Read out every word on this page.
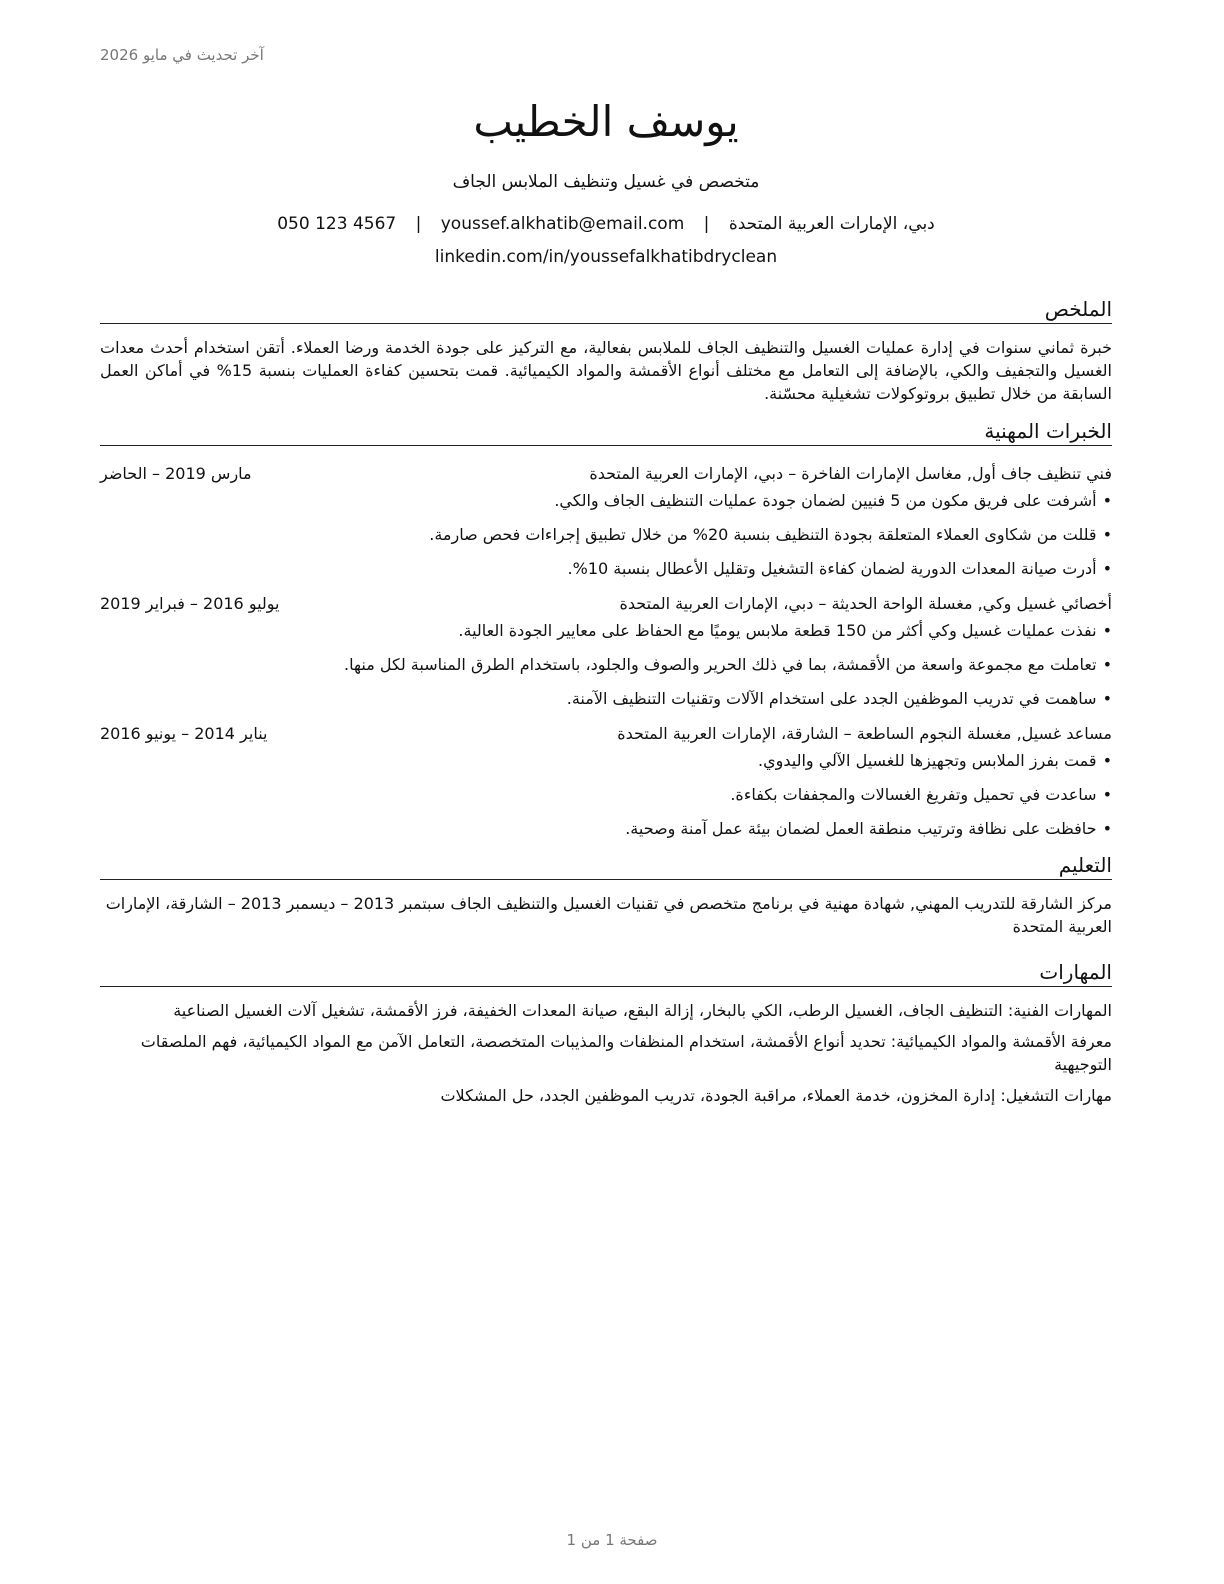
آخر تحديث في مايو 2026
يوسف الخطيب
متخصص في غسيل وتنظيف الملابس الجاف
دبي، الإمارات العربية المتحدة | youssef.alkhatib@email.com | 050 123 4567
linkedin.com/in/youssefalkhatibdryclean
الملخص
خبرة ثماني سنوات في إدارة عمليات الغسيل والتنظيف الجاف للملابس بفعالية، مع التركيز على جودة الخدمة ورضا العملاء. أتقن استخدام أحدث معدات الغسيل والتجفيف والكي، بالإضافة إلى التعامل مع مختلف أنواع الأقمشة والمواد الكيميائية. قمت بتحسين كفاءة العمليات بنسبة 15% في أماكن العمل السابقة من خلال تطبيق بروتوكولات تشغيلية محسّنة.
الخبرات المهنية
فني تنظيف جاف أول, مغاسل الإمارات الفاخرة – دبي، الإمارات العربية المتحدة
مارس 2019 – الحاضر
• أشرفت على فريق مكون من 5 فنيين لضمان جودة عمليات التنظيف الجاف والكي.
• قللت من شكاوى العملاء المتعلقة بجودة التنظيف بنسبة 20% من خلال تطبيق إجراءات فحص صارمة.
• أدرت صيانة المعدات الدورية لضمان كفاءة التشغيل وتقليل الأعطال بنسبة 10%.
أخصائي غسيل وكي, مغسلة الواحة الحديثة – دبي، الإمارات العربية المتحدة
يوليو 2016 – فبراير 2019
• نفذت عمليات غسيل وكي أكثر من 150 قطعة ملابس يوميًا مع الحفاظ على معايير الجودة العالية.
• تعاملت مع مجموعة واسعة من الأقمشة، بما في ذلك الحرير والصوف والجلود، باستخدام الطرق المناسبة لكل منها.
• ساهمت في تدريب الموظفين الجدد على استخدام الآلات وتقنيات التنظيف الآمنة.
مساعد غسيل, مغسلة النجوم الساطعة – الشارقة، الإمارات العربية المتحدة
يناير 2014 – يونيو 2016
• قمت بفرز الملابس وتجهيزها للغسيل الآلي واليدوي.
• ساعدت في تحميل وتفريغ الغسالات والمجففات بكفاءة.
• حافظت على نظافة وترتيب منطقة العمل لضمان بيئة عمل آمنة وصحية.
التعليم
مركز الشارقة للتدريب المهني, شهادة مهنية في برنامج متخصص في تقنيات الغسيل والتنظيف الجاف سبتمبر 2013 – ديسمبر 2013 – الشارقة، الإمارات العربية المتحدة
المهارات
المهارات الفنية: التنظيف الجاف، الغسيل الرطب، الكي بالبخار، إزالة البقع، صيانة المعدات الخفيفة، فرز الأقمشة، تشغيل آلات الغسيل الصناعية
معرفة الأقمشة والمواد الكيميائية: تحديد أنواع الأقمشة، استخدام المنظفات والمذيبات المتخصصة، التعامل الآمن مع المواد الكيميائية، فهم الملصقات التوجيهية
مهارات التشغيل: إدارة المخزون، خدمة العملاء، مراقبة الجودة، تدريب الموظفين الجدد، حل المشكلات
صفحة 1 من 1
